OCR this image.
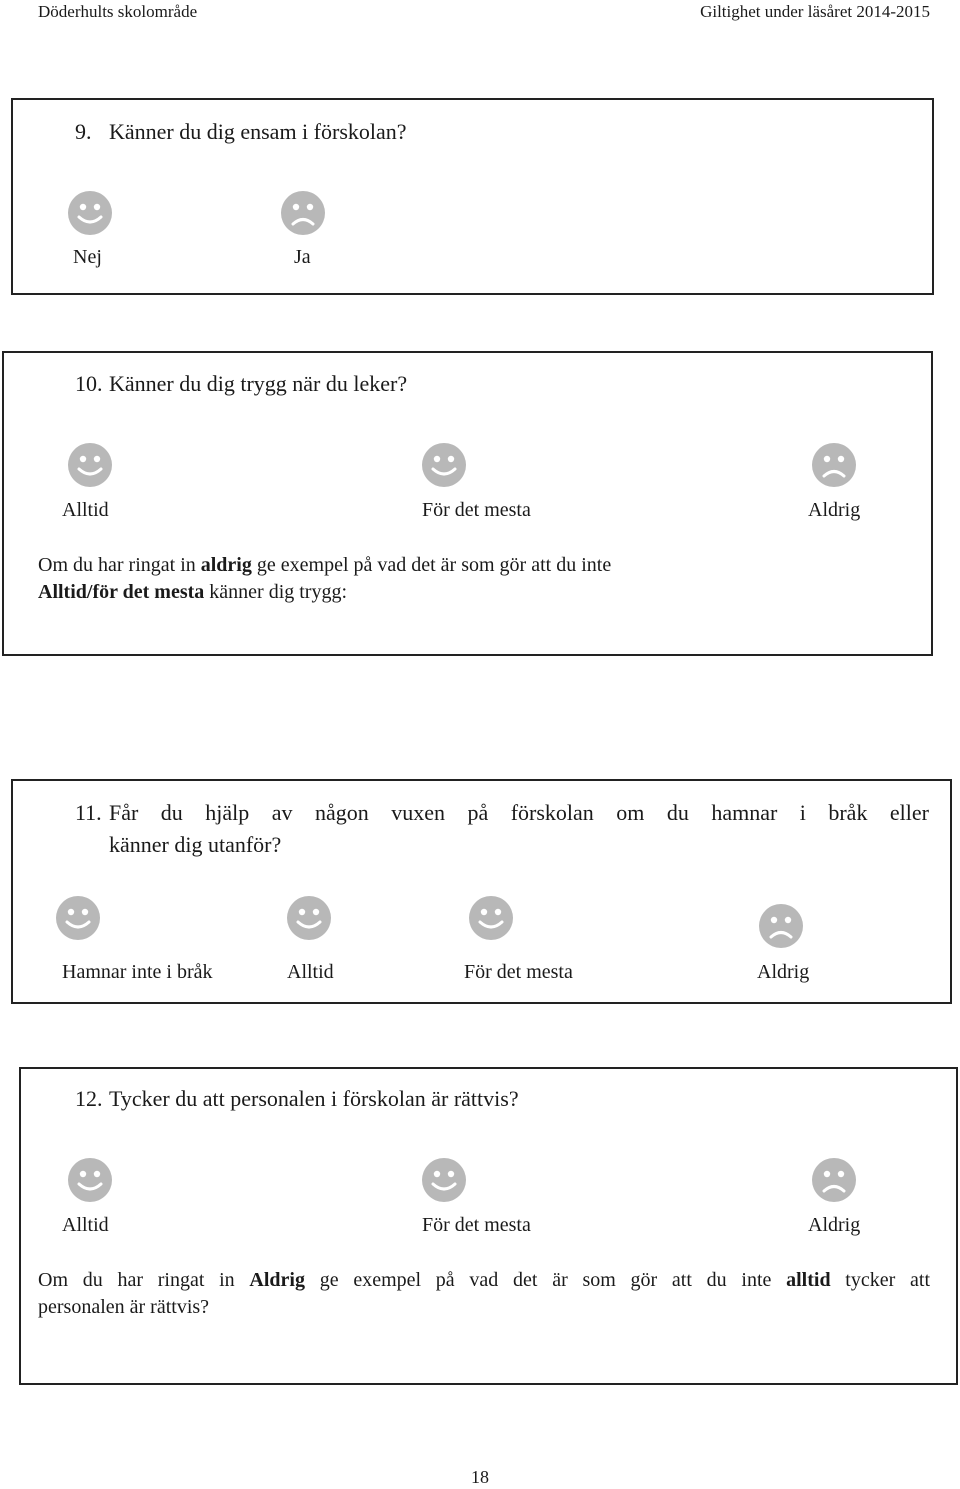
Döderhults skolområde	Giltighet under läsåret 2014-2015
9. Känner du dig ensam i förskolan?
Nej	Ja
10. Känner du dig trygg när du leker?
Alltid	För det mesta	Aldrig
Om du har ringat in aldrig ge exempel på vad det är som gör att du inte
Alltid/för det mesta känner dig trygg:
11. Får du hjälp av någon vuxen på förskolan om du hamnar i bråk eller
känner dig utanför?
Hamnar inte i bråk	Alltid	För det mesta	Aldrig
12. Tycker du att personalen i förskolan är rättvis?
Alltid	För det mesta	Aldrig
Om du har ringat in Aldrig ge exempel på vad det är som gör att du inte alltid tycker att
personalen är rättvis?
18
